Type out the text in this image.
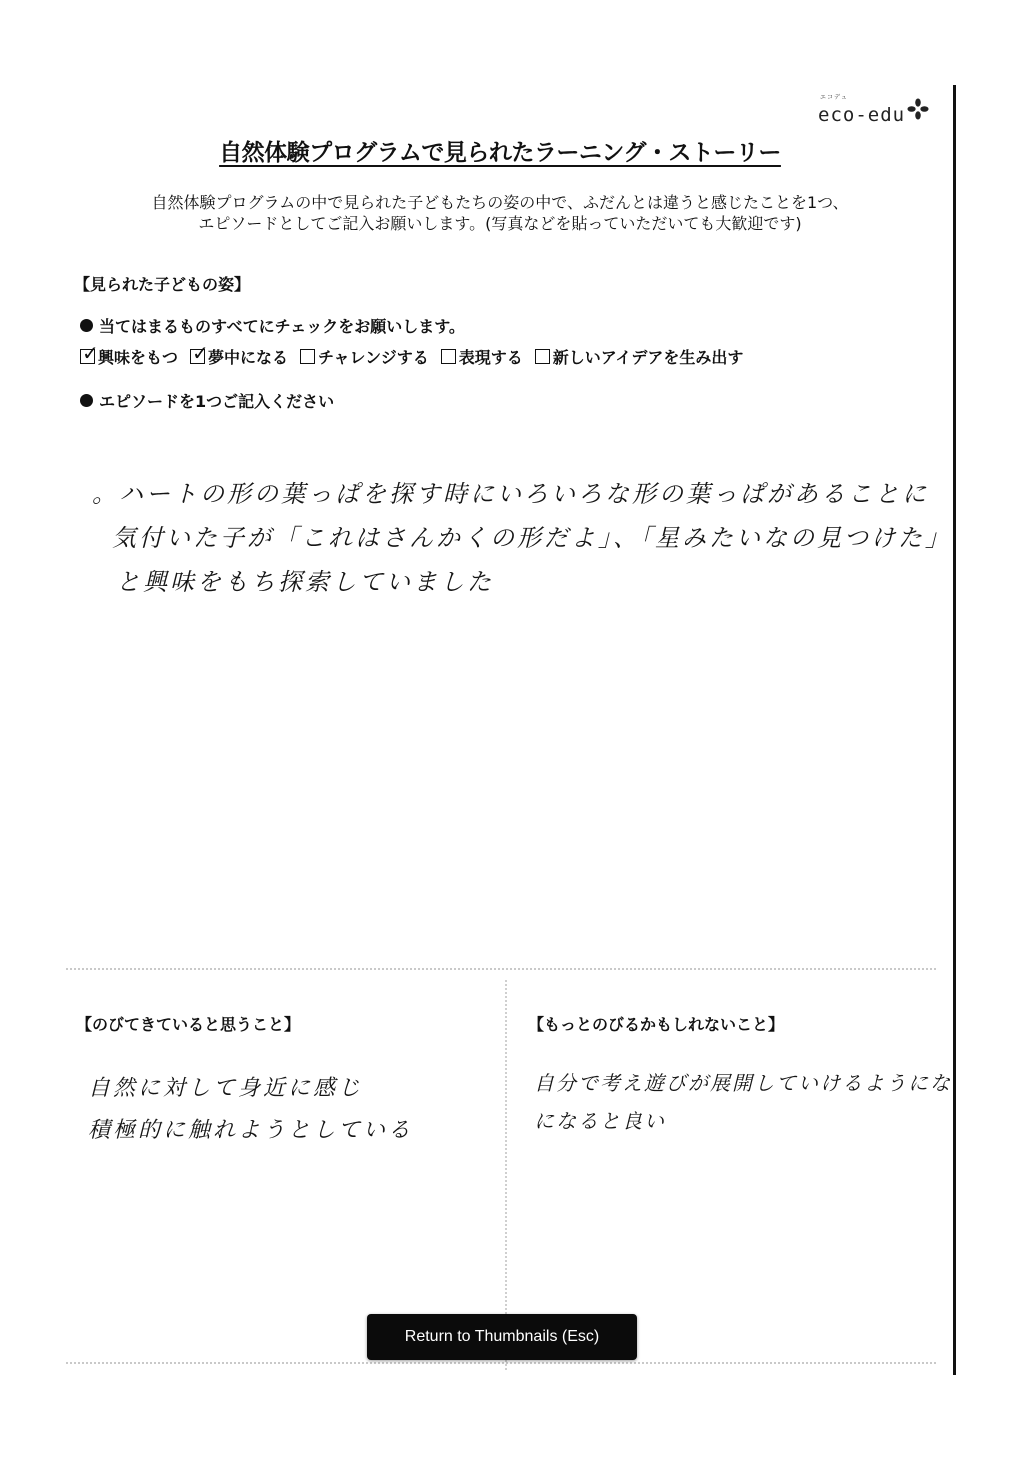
エコデュ
eco-edu
自然体験プログラムで見られたラーニング・ストーリー
自然体験プログラムの中で見られた子どもたちの姿の中で、ふだんとは違うと感じたことを1つ、
エピソードとしてご記入お願いします。(写真などを貼っていただいても大歓迎です)
【見られた子どもの姿】
当てはまるものすべてにチェックをお願いします。
✓ 興味をもつ ✓ 夢中になる チャレンジする 表現する 新しいアイデアを生み出す
エピソードを1つご記入ください
。ハートの形の葉っぱを探す時にいろいろな形の葉っぱがあることに
気付いた子が「これはさんかくの形だよ」、「星みたいなの見つけた」
と興味をもち探索していました
【のびてきていると思うこと】
自然に対して身近に感じ
積極的に触れようとしている
【もっとのびるかもしれないこと】
自分で考え遊びが展開していけるようにな
になると良い
Return to Thumbnails (Esc)
